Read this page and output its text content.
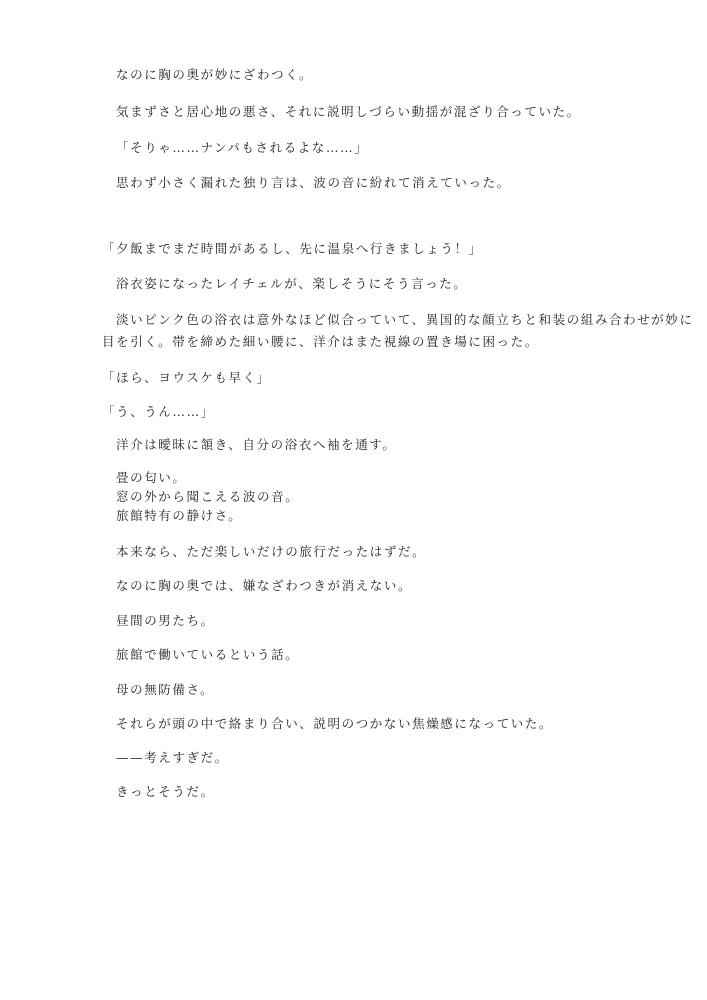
なのに胸の奥が妙にざわつく。
気まずさと居心地の悪さ、それに説明しづらい動揺が混ざり合っていた。
「そりゃ……ナンパもされるよな……」
思わず小さく漏れた独り言は、波の音に紛れて消えていった。
「夕飯までまだ時間があるし、先に温泉へ行きましょう！」
浴衣姿になったレイチェルが、楽しそうにそう言った。
淡いピンク色の浴衣は意外なほど似合っていて、異国的な顔立ちと和装の組み合わせが妙に
目を引く。帯を締めた細い腰に、洋介はまた視線の置き場に困った。
「ほら、ヨウスケも早く」
「う、うん……」
洋介は曖昧に頷き、自分の浴衣へ袖を通す。
畳の匂い。
窓の外から聞こえる波の音。
旅館特有の静けさ。
本来なら、ただ楽しいだけの旅行だったはずだ。
なのに胸の奥では、嫌なざわつきが消えない。
昼間の男たち。
旅館で働いているという話。
母の無防備さ。
それらが頭の中で絡まり合い、説明のつかない焦燥感になっていた。
——考えすぎだ。
きっとそうだ。
